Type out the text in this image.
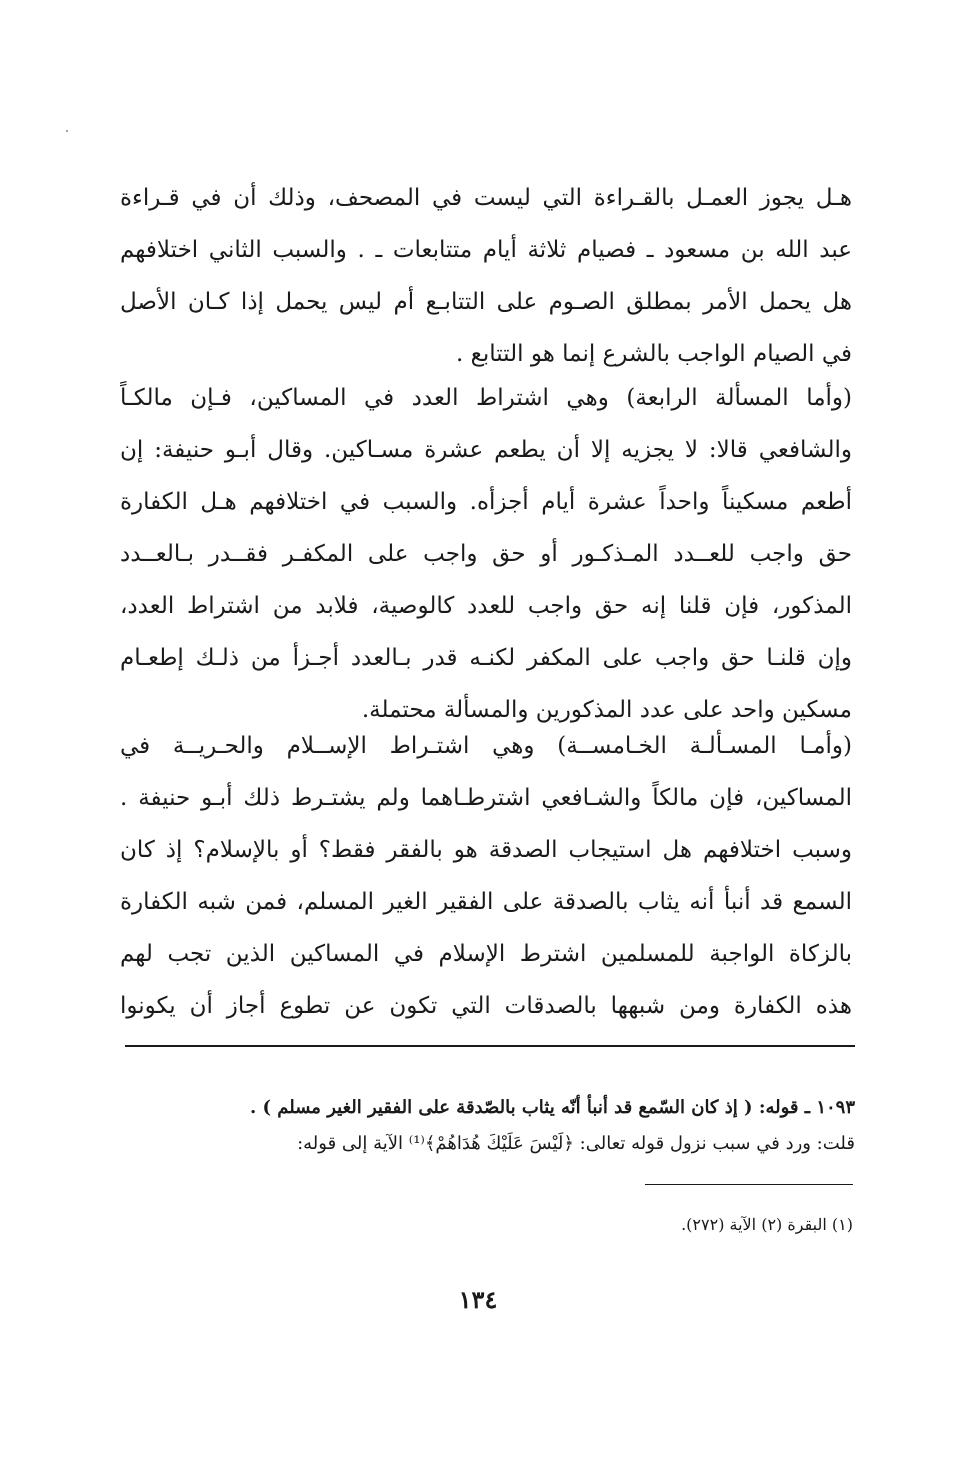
هـل يجوز العمـل بالقـراءة التي ليست في المصحف، وذلك أن في قـراءة
عبد الله بن مسعود ـ فصيام ثلاثة أيام متتابعات ـ . والسبب الثاني اختلافهم
هل يحمل الأمر بمطلق الصـوم على التتابـع أم ليس يحمل إذا كـان الأصل
في الصيام الواجب بالشرع إنما هو التتابع .
(وأما المسألة الرابعة) وهي اشتراط العدد في المساكين، فـإن مالكـاً
والشافعي قالا: لا يجزيه إلا أن يطعم عشرة مسـاكين. وقال أبـو حنيفة: إن
أطعم مسكيناً واحداً عشرة أيام أجزأه. والسبب في اختلافهم هـل الكفارة
حق واجب للعــدد المـذكـور أو حق واجب على المكفـر فقــدر بـالعــدد
المذكور، فإن قلنا إنه حق واجب للعدد كالوصية، فلابد من اشتراط العدد،
وإن قلنـا حق واجب على المكفر لكنـه قدر بـالعدد أجـزأ من ذلـك إطعـام
مسكين واحد على عدد المذكورين والمسألة محتملة.
(وأمـا المسـألـة الخـامســة) وهي اشتـراط الإســلام والحـريــة في
المساكين، فإن مالكاً والشـافعي اشترطـاهما ولم يشتـرط ذلك أبـو حنيفة .
وسبب اختلافهم هل استيجاب الصدقة هو بالفقر فقط؟ أو بالإسلام؟ إذ كان
السمع قد أنبأ أنه يثاب بالصدقة على الفقير الغير المسلم، فمن شبه الكفارة
بالزكاة الواجبة للمسلمين اشترط الإسلام في المساكين الذين تجب لهم
هذه الكفارة ومن شبهها بالصدقات التي تكون عن تطوع أجاز أن يكونوا
١٠٩٣ ـ قوله: ( إذ كان السّمع قد أنبأ أنّه يثاب بالصّدقة على الفقير الغير مسلم ) .
قلت: ورد في سبب نزول قوله تعالى: ﴿لَيْسَ عَلَيْكَ هُدَاهُمْ﴾⁽¹⁾ الآية إلى قوله:
(١) البقرة (٢) الآية (٢٧٢).
١٣٤
